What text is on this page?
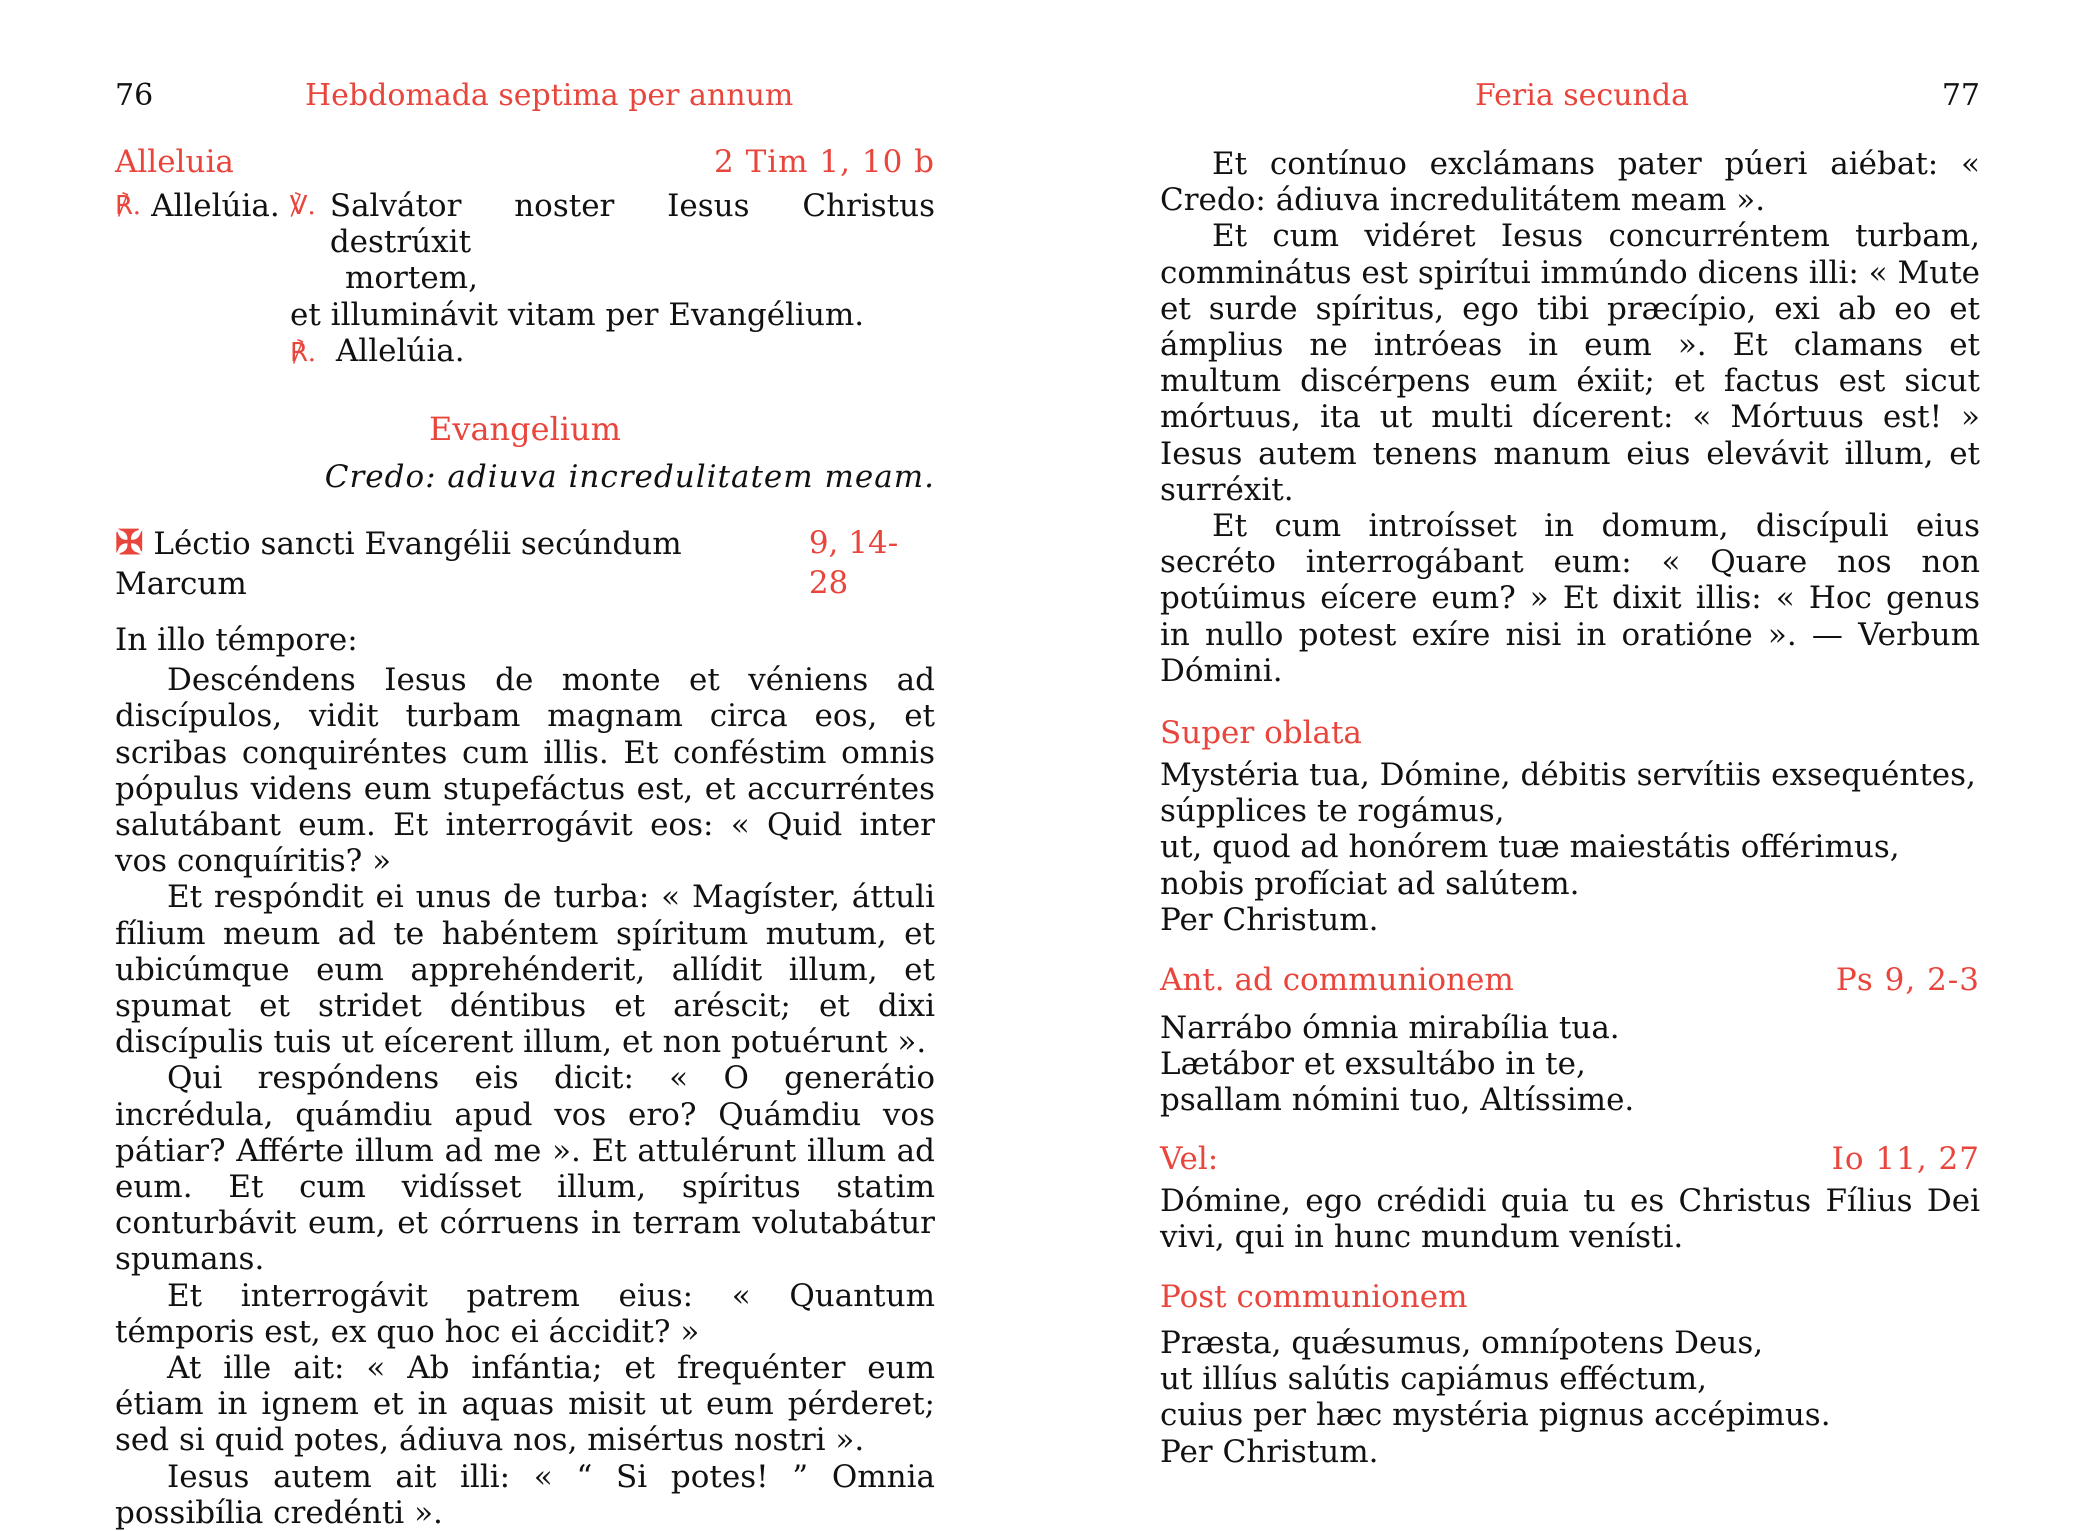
76	Hebdomada septima per annum
Alleluia	2 Tim 1, 10 b
℟. Allelúia. ℣. Salvátor noster Iesus Christus destrúxit
mortem,
et illuminávit vitam per Evangélium.
℟. Allelúia.
Evangelium
Credo: adiuva incredulitatem meam.
✠ Léctio sancti Evangélii secúndum Marcum
9, 14-28
In illo témpore:
Descéndens Iesus de monte et véniens ad discípulos, vidit turbam magnam circa eos, et scribas conquiréntes cum illis. Et conféstim omnis pópulus videns eum stupefáctus est, et accurréntes salutábant eum. Et interrogávit eos: « Quid inter vos conquíritis? »
Et respóndit ei unus de turba: « Magíster, áttuli fílium meum ad te habéntem spíritum mutum, et ubicúmque eum apprehénderit, allídit illum, et spumat et stridet déntibus et aréscit; et dixi discípulis tuis ut eícerent illum, et non potuérunt ».
Qui respóndens eis dicit: « O generátio incrédula, quámdiu apud vos ero? Quámdiu vos pátiar? Afférte illum ad me ». Et attulérunt illum ad eum. Et cum vidísset illum, spíritus statim conturbávit eum, et córruens in terram volutabátur spumans.
Et interrogávit patrem eius: « Quantum témporis est, ex quo hoc ei áccidit? »
At ille ait: « Ab infántia; et frequénter eum étiam in ignem et in aquas misit ut eum pérderet; sed si quid potes, ádiuva nos, misértus nostri ».
Iesus autem ait illi: « “ Si potes! ” Omnia possibília credénti ».
Feria secunda	77
Et contínuo exclámans pater púeri aiébat: « Credo: ádiuva incredulitátem meam ».
Et cum vidéret Iesus concurréntem turbam, comminátus est spirítui immúndo dicens illi: « Mute et surde spíritus, ego tibi præcípio, exi ab eo et ámplius ne intróeas in eum ». Et clamans et multum discérpens eum éxiit; et factus est sicut mórtuus, ita ut multi dícerent: « Mórtuus est! » Iesus autem tenens manum eius elevávit illum, et surréxit.
Et cum introísset in domum, discípuli eius secréto interrogábant eum: « Quare nos non potúimus eícere eum? » Et dixit illis: « Hoc genus in nullo potest exíre nisi in oratióne ». — Verbum Dómini.
Super oblata
Mystéria tua, Dómine, débitis servítiis exsequéntes,
súpplices te rogámus,
ut, quod ad honórem tuæ maiestátis offérimus,
nobis profíciat ad salútem.
Per Christum.
Ant. ad communionem	Ps 9, 2-3
Narrábo ómnia mirabília tua.
Lætábor et exsultábo in te,
psallam nómini tuo, Altíssime.
Vel:	Io 11, 27
Dómine, ego crédidi quia tu es Christus Fílius Dei vivi, qui in hunc mundum venísti.
Post communionem
Præsta, quǽsumus, omnípotens Deus,
ut illíus salútis capiámus efféctum,
cuius per hæc mystéria pignus accépimus.
Per Christum.
